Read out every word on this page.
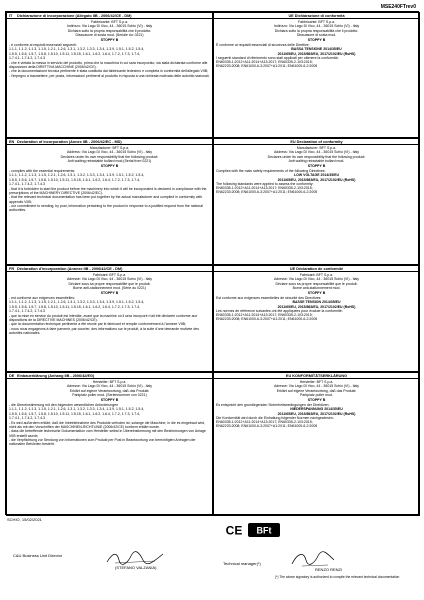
MSE240FTrev0
IT	Dichiarazione di incorporazione (Allegato IIB - 2006/42/CE - DM)
Fabbricante: BFT S.p.a.
Indirizzo: Via Lago Di Vico, 44 - 36015 Schio (VI) - Italy
Dichiara sotto la propria responsabilità che il prodotto:
Dissuasore di sosta mod. (Seriale du: 0221)
STOPPY B
- è conforme ai requisiti essenziali seguenti:
1.1.1, 1.1.2, 1.1.3, 1.1.5, 1.2.1, 1.2.6, 1.3.1, 1.3.2, 1.3.3, 1.3.4, 1.3.9, 1.5.1, 1.5.2, 1.5.4,
1.5.5, 1.5.6, 1.5.7, 1.5.8, 1.5.10, 1.5.11, 1.5.15, 1.6.1, 1.6.2, 1.6.4, 1.7.2, 1.7.3, 1.7.4,
1.7.4.1, 1.7.4.2, 1.7.4.3
- che è vietata la messa in servizio del prodotto, prima che la macchina in cui sarà incorporato, sia stata dichiarata conforme alle disposizioni della DIRETTIVA MACCHINE (2006/42/CE).
- che la documentazione tecnica pertinente è stata costituita dal fabbricante tedesimo e completa in conformità dell'allegato VIIB;
- l'impegno a trasmettere, per posta, informazioni pertinenti al prodotto in risposta a una richiesta motivata delle autorità nazionali.
UE Dichiarazione di conformità
Fabbricante: BFT S.p.a.
Indirizzo: Via Lago Di Vico, 44 - 36015 Schio (VI) - Italy
Dichiara sotto la propria responsabilità che il prodotto:
Dissuasore di sosta mod.
STOPPY B
È conforme ai requisiti essenziali di sicurezza delle Direttive:
BASSA TENSIONE 2014/35/EU
2011/65/EU, 2015/863/EU, 2017/2102/EU (RoHS)
I seguenti standard di riferimento sono stati applicati per ottenere la conformità:
EN60335-1:2012+A11:2014+A13:2017; EN60335-2-103:2015;
EN62233:2008; EN61000-6-3:2007+A1:2011; EN61000-6-2:2005
EN Declaration of incorporation (Annex IIB - 2006/42/EC - MD)
Manufacturer: BFT S.p.a.
Address: Via Lago Di Vico, 44 - 36015 Schio (VI) - Italy
Declares under its own responsibility that the following product:
Anti waiting retractable bollard mod.(Serial from 0221)
STOPPY B
- complies with the essential requirements:
1.1.1, 1.1.2, 1.1.3, 1.1.5, 1.2.1, 1.2.6, 1.3.1, 1.3.2, 1.3.3, 1.3.4, 1.3.9, 1.5.1, 1.5.2, 1.5.4,
1.5.5, 1.5.6, 1.5.7, 1.5.8, 1.5.10, 1.5.11, 1.5.15, 1.6.1, 1.6.2, 1.6.4, 1.7.2, 1.7.3, 1.7.4,
1.7.4.1, 1.7.4.2, 1.7.4.3
- that it is forbidden to start the product before the machinery into which it will be incorporated is declared in compliance with the prescriptions of the MACHINERY DIRECTIVE (2006/42/EC).
- that the relevant technical documentation has been put together by the actual manufacturer and compiled in conformity with appendix VIIB;
- our commitment to sending, by post, information pertaining to the product in response to a justified request from the national authorities.
EU Declaration of conformity
Manufacturer: BFT S.p.a.
Address: Via Lago Di Vico, 44 - 36015 Schio (VI) - Italy
Declares under its own responsibility that the following product:
Anti waiting retractable bollard mod.
STOPPY B
Complies with the main safety requirements of the following Directives:
LOW VOLTAGE 2014/35/EU
2011/65/EU, 2015/863/EU, 2017/2102/EU (RoHS)
The following standards were applied to assess the conformity:
EN60335-1:2012+A11:2014+A13:2017; EN60335-2-103:2015;
EN62233:2008; EN61000-6-3:2007+A1:2011; EN61000-6-2:2005
FR Déclaration d'incorporation (Annexe IIB - 2006/42/CE - DM)
Fabricant: BFT S.p.a.
Adresse: Via Lago Di Vico, 44 - 36015 Schio (VI) - Italy
Déclare sous sa propre responsabilité que le produit:
Borne anti-stationnement mod. (Série du 0221)
STOPPY B
- est conforme aux exigences essentielles:
1.1.1, 1.1.2, 1.1.3, 1.1.5, 1.2.1, 1.2.6, 1.3.1, 1.3.2, 1.3.3, 1.3.4, 1.3.9, 1.5.1, 1.5.2, 1.5.4,
1.5.5, 1.5.6, 1.5.7, 1.5.8, 1.5.10, 1.5.11, 1.5.15, 1.6.1, 1.6.2, 1.6.4, 1.7.2, 1.7.3, 1.7.4,
1.7.4.1, 1.7.4.2, 1.7.4.3
- que la mise en service du produit est interdite, avant que la machine où il sera incorporé n'ait été déclarée conforme aux dispositions de la DIRECTIVE MACHINES (2006/42/CE).
- que la documentation technique pertinente a été réunie par le fabricant et remplie conformément à l'annexe VIIB;
- nous nous engageons à faire parvenir, par courrier, des informations sur le produit, à la suite d'une demande motivée des autorités nationales.
UE Déclaration de conformité
Fabricant: BFT S.p.a.
Adresse: Via Lago Di Vico, 44 - 36015 Schio (VI) - Italy
Déclare sous sa propre responsabilité que le produit:
Borne anti-stationnement mod.
STOPPY B
Est conforme aux exigences essentielles de sécurité des Directives:
BASSE TENSION 2014/35/EU
2011/65/EU, 2015/863/EU, 2017/2102/EU (RoHS)
Les normes de référence suivantes ont été appliquées pour évaluer la conformité:
EN60335-1:2012+A11:2014+A13:2017; EN60335-2-103:2015;
EN62233:2008; EN61000-6-3:2007+A1:2011; EN61000-6-2:2005
DE Einbauerklärung (Anhang IIB - 2006/42/EG)
Hersteller: BFT S.p.a.
Adresse: Via Lago Di Vico, 44 - 36015 Schio (VI) - Italy
Erklärt auf eigene Verantwortung, daß das Produkt:
Parkplatz poller mod. (Seriennummer von 0221)
STOPPY B
- die Übereinstimmung mit den folgenden wesentlichen Anforderungen
1.1.1, 1.1.2, 1.1.3, 1.1.5, 1.2.1, 1.2.6, 1.3.1, 1.3.2, 1.3.3, 1.3.4, 1.3.9, 1.5.1, 1.5.2, 1.5.4,
1.5.5, 1.5.6, 1.5.7, 1.5.8, 1.5.10, 1.5.11, 1.5.15, 1.6.1, 1.6.2, 1.6.4, 1.7.2, 1.7.3, 1.7.4,
1.7.4.1, 1.7.4.2, 1.7.4.3
- Es wird außerdem erklärt, daß die Inbetriebnahme des Produkts verboten ist, solange die Maschine, in die es eingebaut wird, nicht als mit den Vorschriften der MASCHINEN-RICHTLINIE (2006/42/CE) konform erklärt wurde.
- dass die betreffende technische Dokumentation vom Hersteller selbst in Übereinstimmung mit den Bestimmungen von Anlage VIIB erstellt wurde;
- die Verpflichtung zur Sendung von Informationen zum Produkt per Post in Beantwortung von berechtigten Anfragen der nationalen Behörden besteht.
EU KONFORMITÄTSERKLÄRUNG
Hersteller: BFT S.p.a.
Adresse: Via Lago Di Vico, 44 - 36015 Schio (VI) - Italy
Erklärt auf eigene Verantwortung, daß das Produkt:
Parkplatz poller mod.
STOPPY B
Es entspricht den grundlegenden Sicherheitsbedingungen der Direktiven:
NIEDERSPANNUNG 2014/35/EU
2011/65/EU, 2015/863/EU, 2017/2102/EU (RoHS)
Die Konformität wird durch die Einhaltung folgender Normen nachgewiesen:
EN60335-1:2012+A11:2014+A13:2017; EN60335-2-103:2015;
EN62233:2008; EN61000-6-3:2007+A1:2011; EN61000-6-2:2005
SCHIO, 15/02/2021
C&U Business Unit Director
(STEFANO VALZANIA)
CE BFt
Technical manager(*)
RENZO RENZI
(*) The above signatory is authorized to compile the relevant technical documentation
